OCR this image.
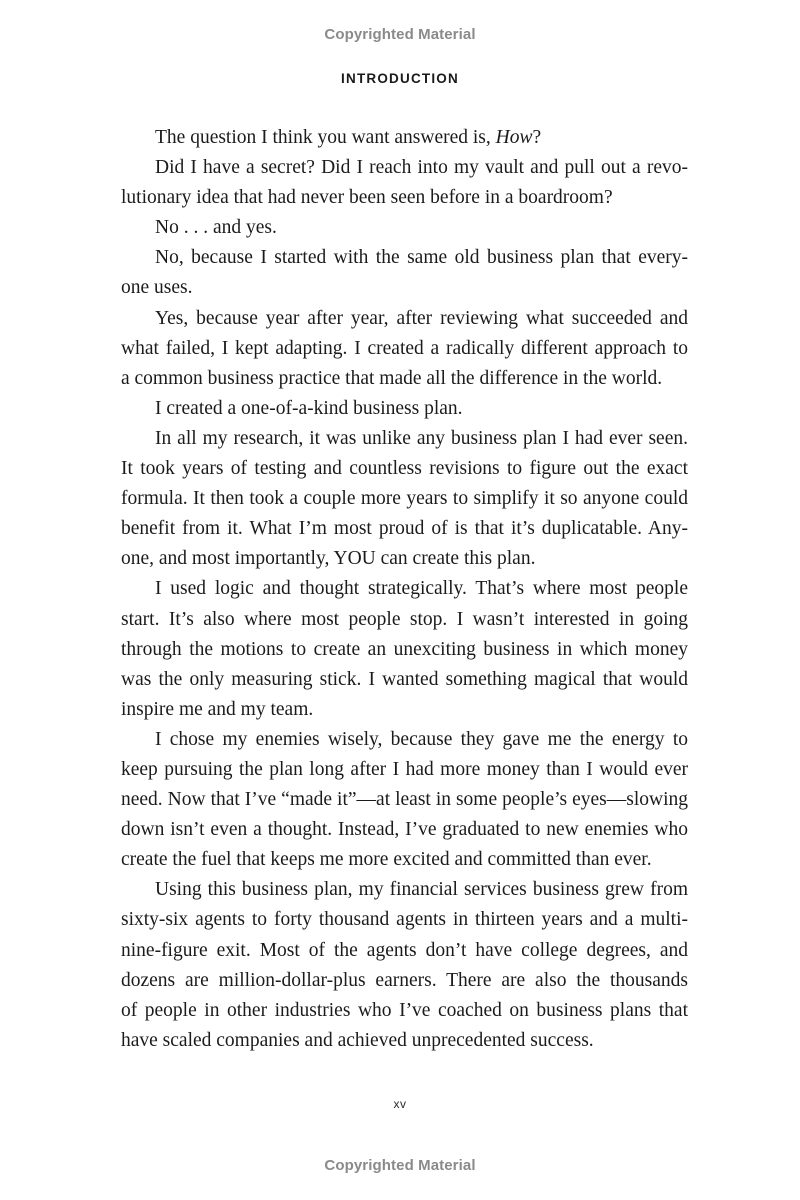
Copyrighted Material
INTRODUCTION
The question I think you want answered is, How?
Did I have a secret? Did I reach into my vault and pull out a revo-
lutionary idea that had never been seen before in a boardroom?
No . . . and yes.
No, because I started with the same old business plan that every-
one uses.
Yes, because year after year, after reviewing what succeeded and
what failed, I kept adapting. I created a radically different approach to
a common business practice that made all the difference in the world.
I created a one-of-a-kind business plan.
In all my research, it was unlike any business plan I had ever seen.
It took years of testing and countless revisions to figure out the exact
formula. It then took a couple more years to simplify it so anyone could
benefit from it. What I’m most proud of is that it’s duplicatable. Any-
one, and most importantly, YOU can create this plan.
I used logic and thought strategically. That’s where most people
start. It’s also where most people stop. I wasn’t interested in going
through the motions to create an unexciting business in which money
was the only measuring stick. I wanted something magical that would
inspire me and my team.
I chose my enemies wisely, because they gave me the energy to
keep pursuing the plan long after I had more money than I would ever
need. Now that I’ve “made it”—at least in some people’s eyes—slowing
down isn’t even a thought. Instead, I’ve graduated to new enemies who
create the fuel that keeps me more excited and committed than ever.
Using this business plan, my financial services business grew from
sixty-six agents to forty thousand agents in thirteen years and a multi-
nine-figure exit. Most of the agents don’t have college degrees, and
dozens are million-dollar-plus earners. There are also the thousands
of people in other industries who I’ve coached on business plans that
have scaled companies and achieved unprecedented success.
xv
Copyrighted Material
